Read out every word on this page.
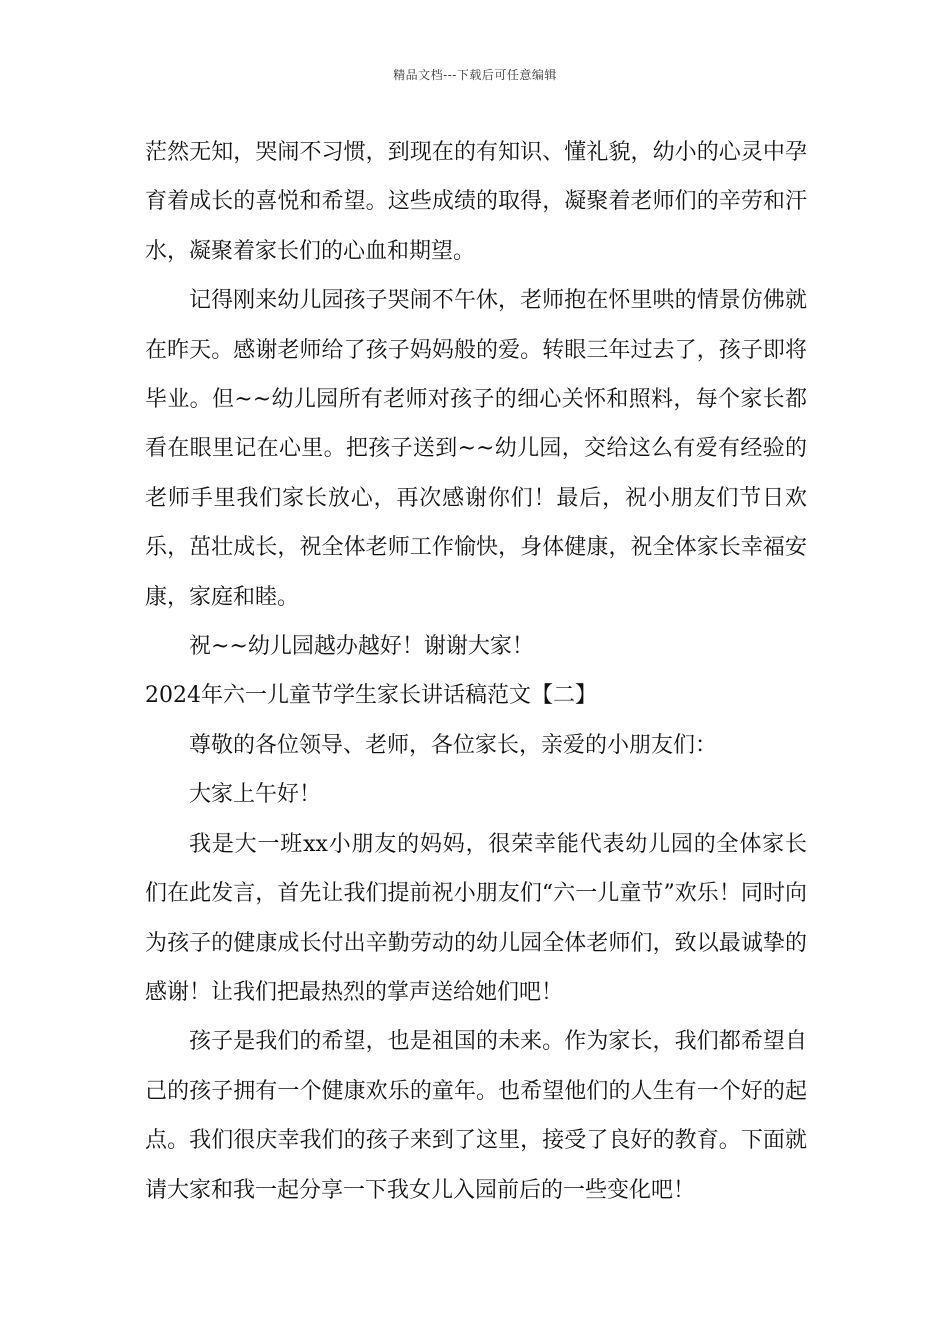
精品文档---下载后可任意编辑

茫然无知，哭闹不习惯，到现在的有知识、懂礼貌，幼小的心灵中孕育着成长的喜悦和希望。这些成绩的取得，凝聚着老师们的辛劳和汗水，凝聚着家长们的心血和期望。

记得刚来幼儿园孩子哭闹不午休，老师抱在怀里哄的情景仿佛就在昨天。感谢老师给了孩子妈妈般的爱。转眼三年过去了，孩子即将毕业。但~~幼儿园所有老师对孩子的细心关怀和照料，每个家长都看在眼里记在心里。把孩子送到~~幼儿园，交给这么有爱有经验的老师手里我们家长放心，再次感谢你们！最后，祝小朋友们节日欢乐，茁壮成长，祝全体老师工作愉快，身体健康，祝全体家长幸福安康，家庭和睦。

祝~~幼儿园越办越好！谢谢大家！

2024年六一儿童节学生家长讲话稿范文【二】

尊敬的各位领导、老师，各位家长，亲爱的小朋友们：

大家上午好！

我是大一班xx小朋友的妈妈，很荣幸能代表幼儿园的全体家长们在此发言，首先让我们提前祝小朋友们“六一儿童节”欢乐！同时向为孩子的健康成长付出辛勤劳动的幼儿园全体老师们，致以最诚挚的感谢！让我们把最热烈的掌声送给她们吧！

孩子是我们的希望，也是祖国的未来。作为家长，我们都希望自己的孩子拥有一个健康欢乐的童年。也希望他们的人生有一个好的起点。我们很庆幸我们的孩子来到了这里，接受了良好的教育。下面就请大家和我一起分享一下我女儿入园前后的一些变化吧！
